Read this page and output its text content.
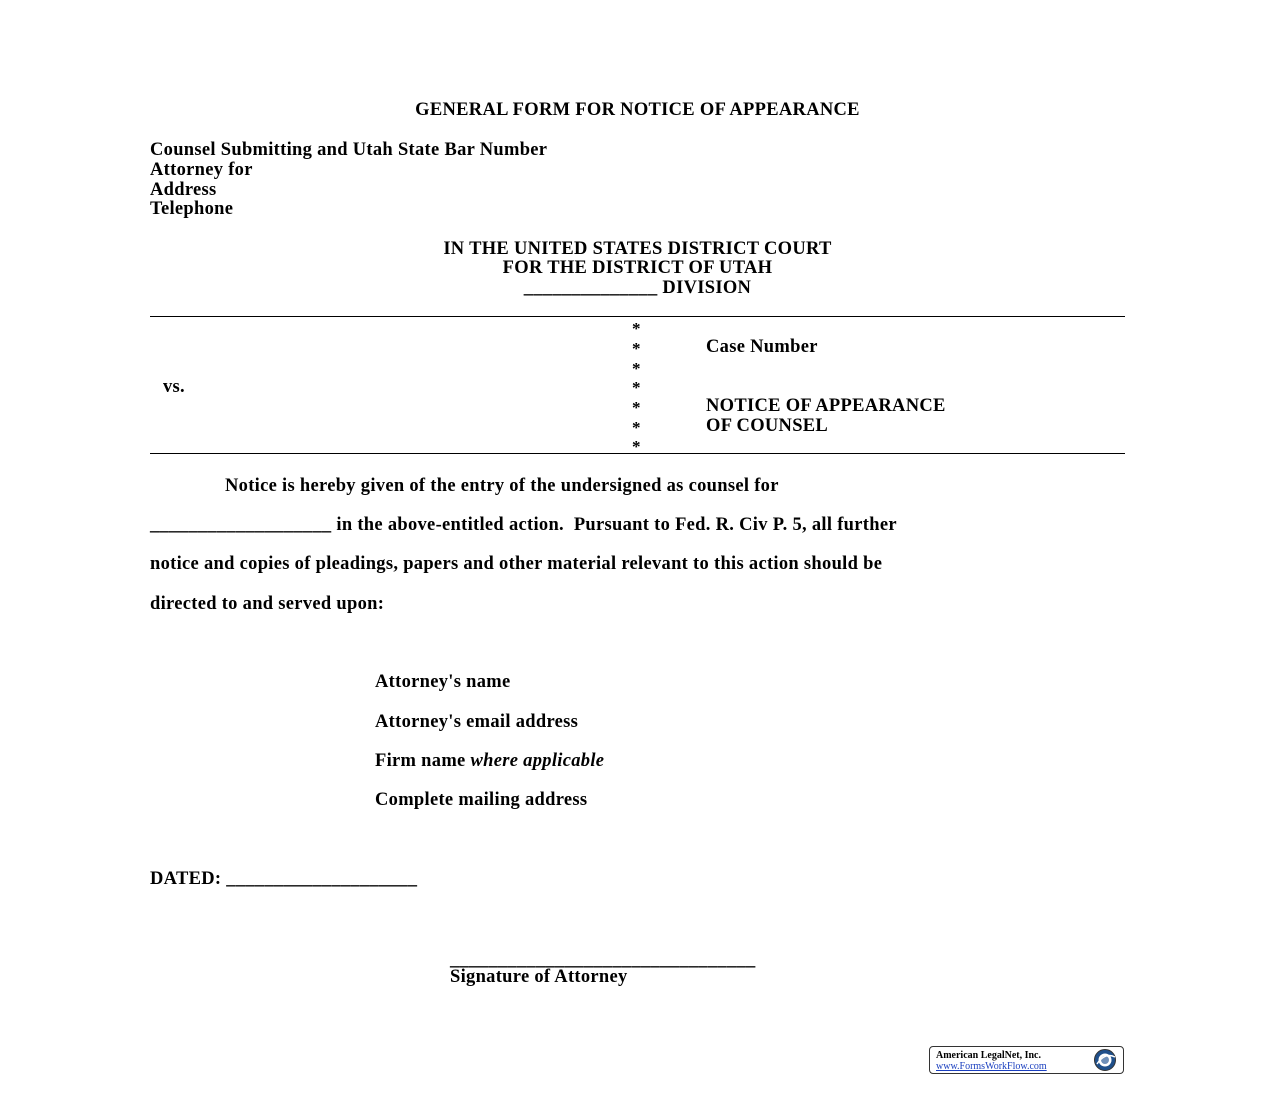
GENERAL FORM FOR NOTICE OF APPEARANCE
Counsel Submitting and Utah State Bar Number
Attorney for
Address
Telephone
IN THE UNITED STATES DISTRICT COURT
FOR THE DISTRICT OF UTAH
______________ DIVISION
*
*
*
*
*
*
*
Case Number
vs.
NOTICE OF APPEARANCE
OF COUNSEL
Notice is hereby given of the entry of the undersigned as counsel for
___________________ in the above-entitled action.  Pursuant to Fed. R. Civ P. 5, all further
notice and copies of pleadings, papers and other material relevant to this action should be
directed to and served upon:
Attorney's name
Attorney's email address
Firm name where applicable
Complete mailing address
DATED: ____________________
________________________________
Signature of Attorney
American LegalNet, Inc.
www.FormsWorkFlow.com
